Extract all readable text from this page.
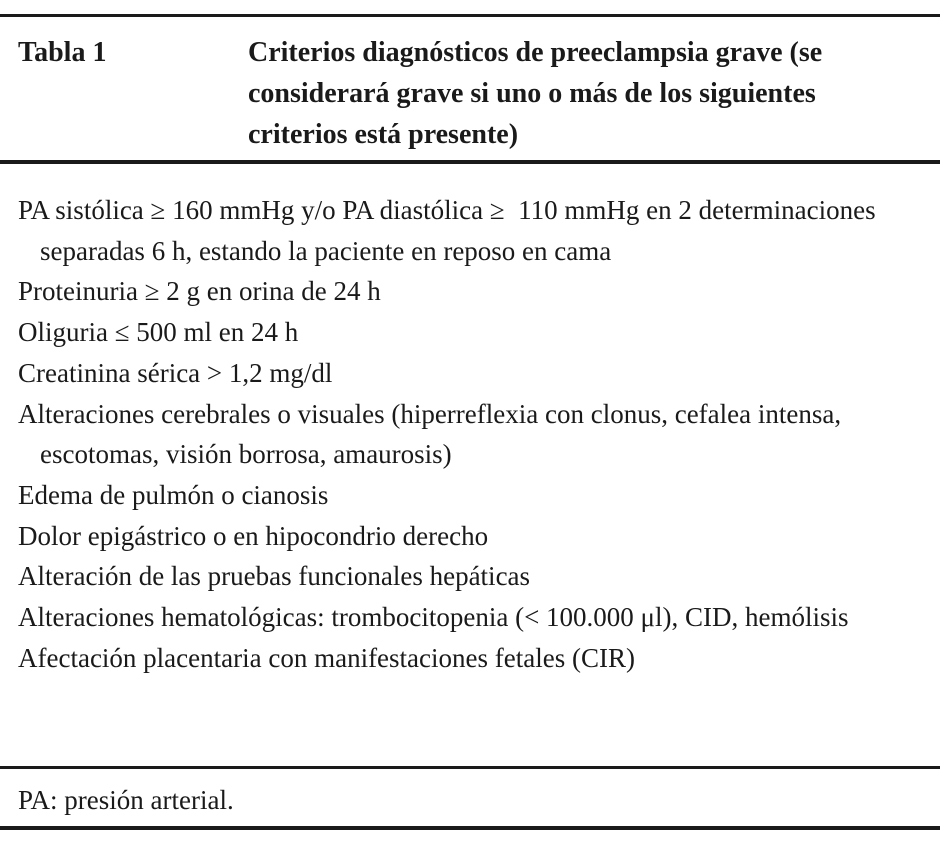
Tabla 1	Criterios diagnósticos de preeclampsia grave (se considerará grave si uno o más de los siguientes criterios está presente)

PA sistólica ≥ 160 mmHg y/o PA diastólica ≥  110 mmHg en 2 determinaciones separadas 6 h, estando la paciente en reposo en cama
Proteinuria ≥ 2 g en orina de 24 h
Oliguria ≤ 500 ml en 24 h
Creatinina sérica > 1,2 mg/dl
Alteraciones cerebrales o visuales (hiperreflexia con clonus, cefalea intensa, escotomas, visión borrosa, amaurosis)
Edema de pulmón o cianosis
Dolor epigástrico o en hipocondrio derecho
Alteración de las pruebas funcionales hepáticas
Alteraciones hematológicas: trombocitopenia (< 100.000 μl), CID, hemólisis
Afectación placentaria con manifestaciones fetales (CIR)
PA: presión arterial.
